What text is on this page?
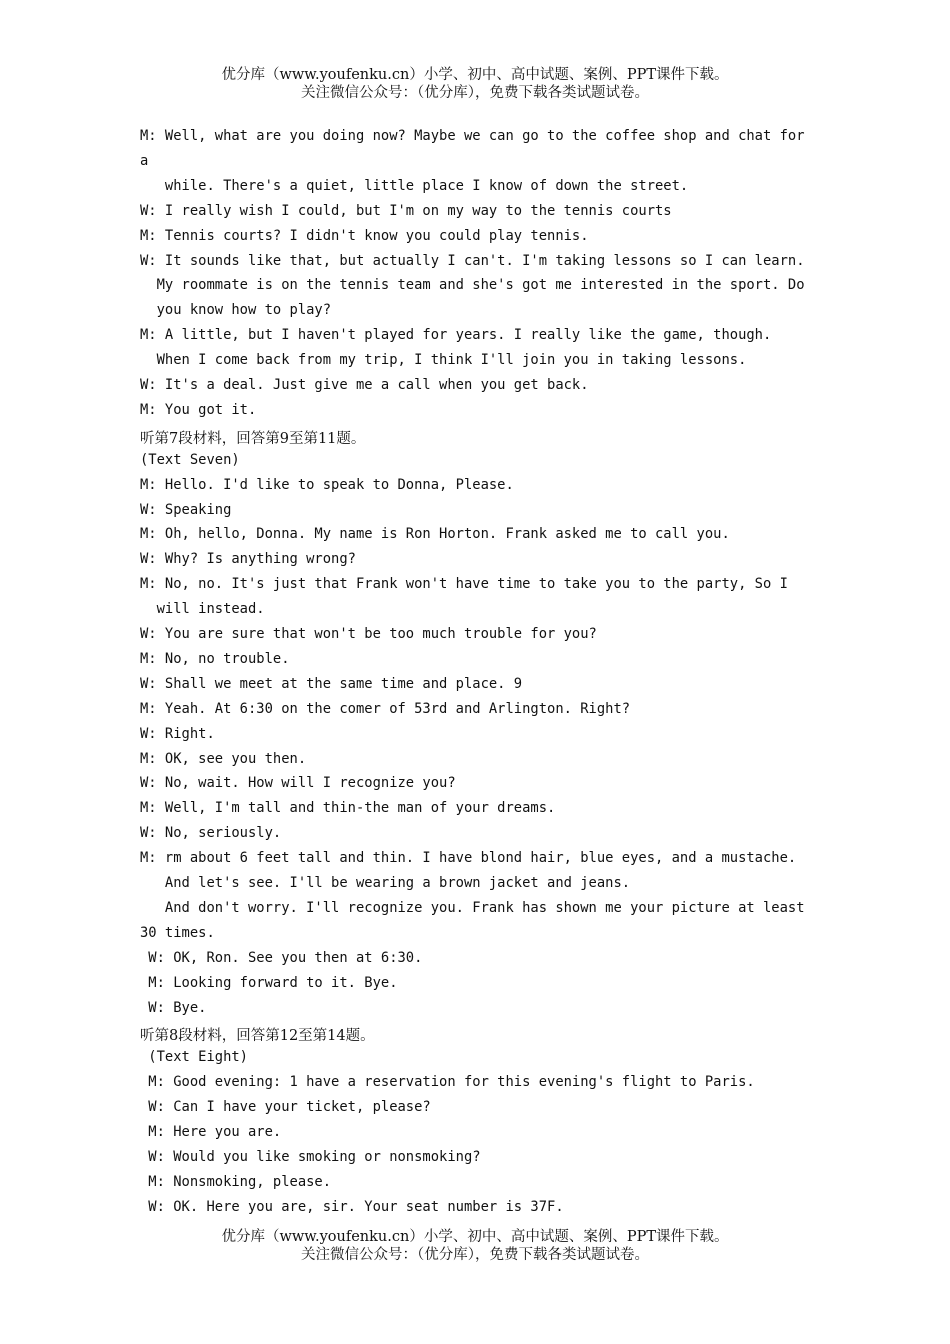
优分库（www.youfenku.cn）小学、初中、高中试题、案例、PPT课件下载。
关注微信公众号：（优分库），免费下载各类试题试卷。
M: Well, what are you doing now? Maybe we can go to the coffee shop and chat for
a
while. There's a quiet, little place I know of down the street.
W: I really wish I could, but I'm on my way to the tennis courts
M: Tennis courts? I didn't know you could play tennis.
W: It sounds like that, but actually I can't. I'm taking lessons so I can learn.
My roommate is on the tennis team and she's got me interested in the sport. Do
you know how to play?
M: A little, but I haven't played for years. I really like the game, though.
When I come back from my trip, I think I'll join you in taking lessons.
W: It's a deal. Just give me a call when you get back.
M: You got it.
听第7段材料，回答第9至第11题。
(Text Seven)
M: Hello. I'd like to speak to Donna, Please.
W: Speaking
M: Oh, hello, Donna. My name is Ron Horton. Frank asked me to call you.
W: Why? Is anything wrong?
M: No, no. It's just that Frank won't have time to take you to the party, So I
will instead.
W: You are sure that won't be too much trouble for you?
M: No, no trouble.
W: Shall we meet at the same time and place. 9
M: Yeah. At 6:30 on the comer of 53rd and Arlington. Right?
W: Right.
M: OK, see you then.
W: No, wait. How will I recognize you?
M: Well, I'm tall and thin-the man of your dreams.
W: No, seriously.
M: rm about 6 feet tall and thin. I have blond hair, blue eyes, and a mustache.
And let's see. I'll be wearing a brown jacket and jeans.
And don't worry. I'll recognize you. Frank has shown me your picture at least
30 times.
W: OK, Ron. See you then at 6:30.
M: Looking forward to it. Bye.
W: Bye.
听第8段材料，回答第12至第14题。
(Text Eight)
M: Good evening: 1 have a reservation for this evening's flight to Paris.
W: Can I have your ticket, please?
M: Here you are.
W: Would you like smoking or nonsmoking?
M: Nonsmoking, please.
W: OK. Here you are, sir. Your seat number is 37F.
优分库（www.youfenku.cn）小学、初中、高中试题、案例、PPT课件下载。
关注微信公众号：（优分库），免费下载各类试题试卷。
